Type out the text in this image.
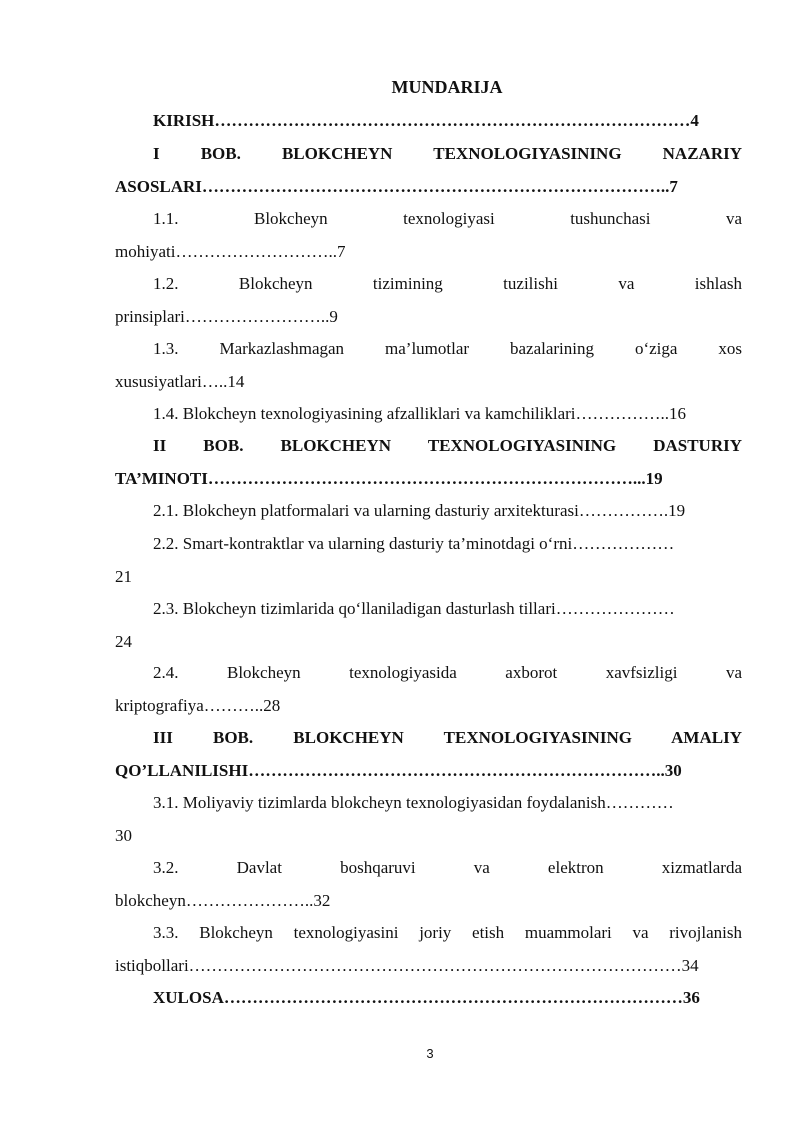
MUNDARIJA
KIRISH…………………………………………………………………………4
I BOB. BLOKCHEYN TEXNOLOGIYASINING NAZARIY
ASOSLARI………………………………………………………………………..7
1.1. Blokcheyn texnologiyasi tushunchasi va
mohiyati………………………..7
1.2. Blokcheyn tizimining tuzilishi va ishlash
prinsiplari……………………..9
1.3. Markazlashmagan ma’lumotlar bazalarining o‘ziga xos
xususiyatlari…..14
1.4. Blokcheyn texnologiyasining afzalliklari va kamchiliklari……………..16
II BOB. BLOKCHEYN TEXNOLOGIYASINING DASTURIY
TA’MINOTI…………………………………………………………………...19
2.1. Blokcheyn platformalari va ularning dasturiy arxitekturasi…………….19
2.2. Smart-kontraktlar va ularning dasturiy ta’minotdagi o‘rni………………
21
2.3. Blokcheyn tizimlarida qo‘llaniladigan dasturlash tillari…………………
24
2.4. Blokcheyn texnologiyasida axborot xavfsizligi va
kriptografiya………..28
III BOB. BLOKCHEYN TEXNOLOGIYASINING AMALIY
QO’LLANILISHI………………………………………………………………..30
3.1. Moliyaviy tizimlarda blokcheyn texnologiyasidan foydalanish…………
30
3.2. Davlat boshqaruvi va elektron xizmatlarda
blokcheyn…………………..32
3.3. Blokcheyn texnologiyasini joriy etish muammolari va rivojlanish
istiqbollari……………………………………………………………………………34
XULOSA………………………………………………………………………36
3
